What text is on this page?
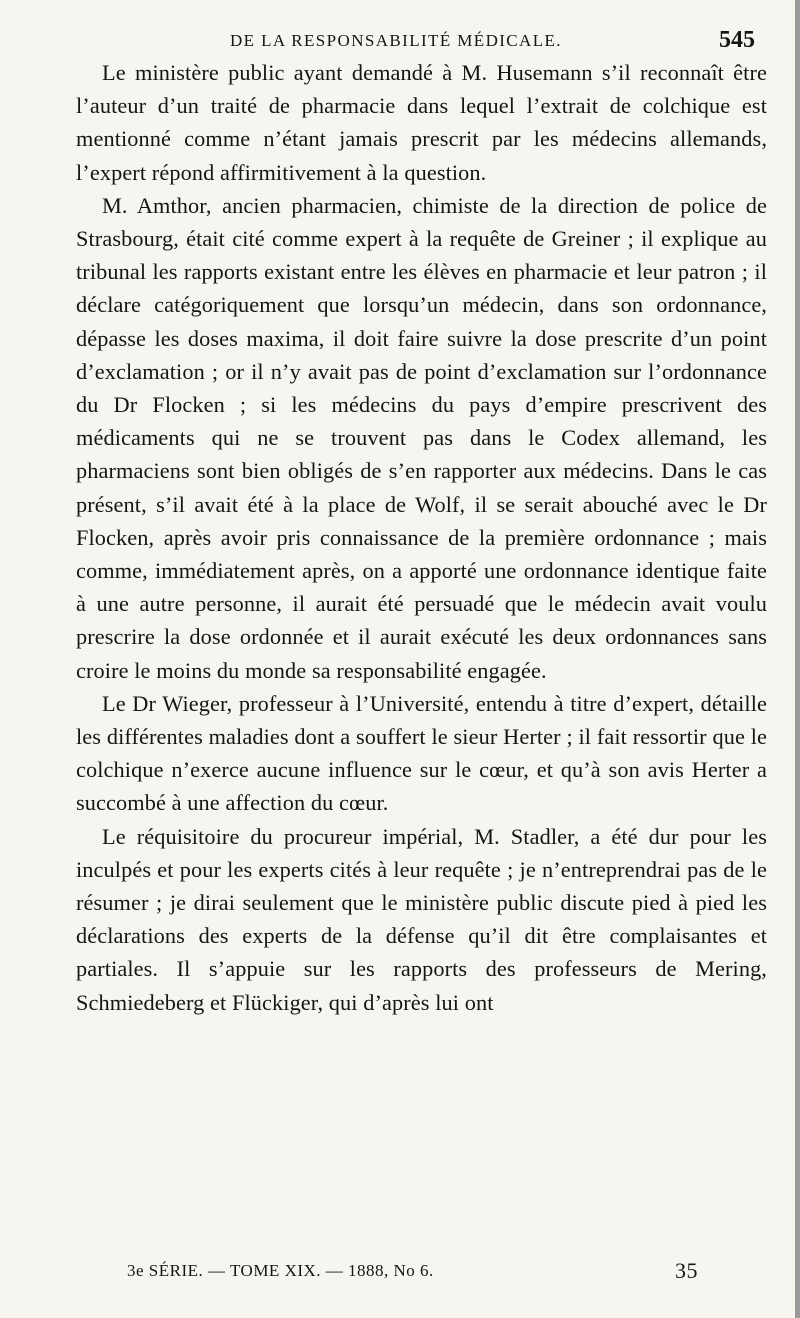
DE LA RESPONSABILITÉ MÉDICALE.	545

Le ministère public ayant demandé à M. Husemann s’il reconnaît être l’auteur d’un traité de pharmacie dans lequel l’extrait de colchique est mentionné comme n’étant jamais prescrit par les médecins allemands, l’expert répond affirmitivement à la question.

M. Amthor, ancien pharmacien, chimiste de la direction de police de Strasbourg, était cité comme expert à la requête de Greiner ; il explique au tribunal les rapports existant entre les élèves en pharmacie et leur patron ; il déclare catégoriquement que lorsqu’un médecin, dans son ordonnance, dépasse les doses maxima, il doit faire suivre la dose prescrite d’un point d’exclamation ; or il n’y avait pas de point d’exclamation sur l’ordonnance du Dr Flocken ; si les médecins du pays d’empire prescrivent des médicaments qui ne se trouvent pas dans le Codex allemand, les pharmaciens sont bien obligés de s’en rapporter aux médecins. Dans le cas présent, s’il avait été à la place de Wolf, il se serait abouché avec le Dr Flocken, après avoir pris connaissance de la première ordonnance ; mais comme, immédiatement après, on a apporté une ordonnance identique faite à une autre personne, il aurait été persuadé que le médecin avait voulu prescrire la dose ordonnée et il aurait exécuté les deux ordonnances sans croire le moins du monde sa responsabilité engagée.

Le Dr Wieger, professeur à l’Université, entendu à titre d’expert, détaille les différentes maladies dont a souffert le sieur Herter ; il fait ressortir que le colchique n’exerce aucune influence sur le cœur, et qu’à son avis Herter a succombé à une affection du cœur.

Le réquisitoire du procureur impérial, M. Stadler, a été dur pour les inculpés et pour les experts cités à leur requête ; je n’entreprendrai pas de le résumer ; je dirai seulement que le ministère public discute pied à pied les déclarations des experts de la défense qu’il dit être complaisantes et partiales. Il s’appuie sur les rapports des professeurs de Mering, Schmiedeberg et Flückiger, qui d’après lui ont

3e SÉRIE. — TOME XIX. — 1888, No 6.	35
